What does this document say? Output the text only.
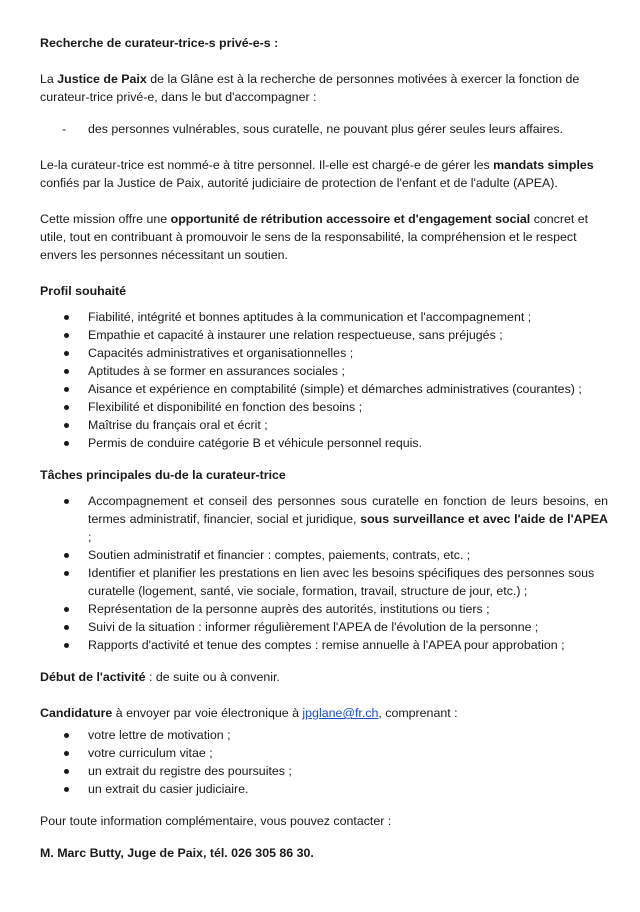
Recherche de curateur-trice-s privé-e-s :

La Justice de Paix de la Glâne est à la recherche de personnes motivées à exercer la fonction de curateur-trice privé-e, dans le but d'accompagner :

- des personnes vulnérables, sous curatelle, ne pouvant plus gérer seules leurs affaires.

Le-la curateur-trice est nommé-e à titre personnel. Il-elle est chargé-e de gérer les mandats simples confiés par la Justice de Paix, autorité judiciaire de protection de l'enfant et de l'adulte (APEA).

Cette mission offre une opportunité de rétribution accessoire et d'engagement social concret et utile, tout en contribuant à promouvoir le sens de la responsabilité, la compréhension et le respect envers les personnes nécessitant un soutien.

Profil souhaité

Fiabilité, intégrité et bonnes aptitudes à la communication et l'accompagnement ;
Empathie et capacité à instaurer une relation respectueuse, sans préjugés ;
Capacités administratives et organisationnelles ;
Aptitudes à se former en assurances sociales ;
Aisance et expérience en comptabilité (simple) et démarches administratives (courantes) ;
Flexibilité et disponibilité en fonction des besoins ;
Maîtrise du français oral et écrit ;
Permis de conduire catégorie B et véhicule personnel requis.

Tâches principales du-de la curateur-trice

Accompagnement et conseil des personnes sous curatelle en fonction de leurs besoins, en termes administratif, financier, social et juridique, sous surveillance et avec l'aide de l'APEA ;
Soutien administratif et financier : comptes, paiements, contrats, etc. ;
Identifier et planifier les prestations en lien avec les besoins spécifiques des personnes sous curatelle (logement, santé, vie sociale, formation, travail, structure de jour, etc.) ;
Représentation de la personne auprès des autorités, institutions ou tiers ;
Suivi de la situation : informer régulièrement l'APEA de l'évolution de la personne ;
Rapports d'activité et tenue des comptes : remise annuelle à l'APEA pour approbation ;

Début de l'activité : de suite ou à convenir.

Candidature à envoyer par voie électronique à jpglane@fr.ch, comprenant :

votre lettre de motivation ;
votre curriculum vitae ;
un extrait du registre des poursuites ;
un extrait du casier judiciaire.

Pour toute information complémentaire, vous pouvez contacter :

M. Marc Butty, Juge de Paix, tél. 026 305 86 30.
